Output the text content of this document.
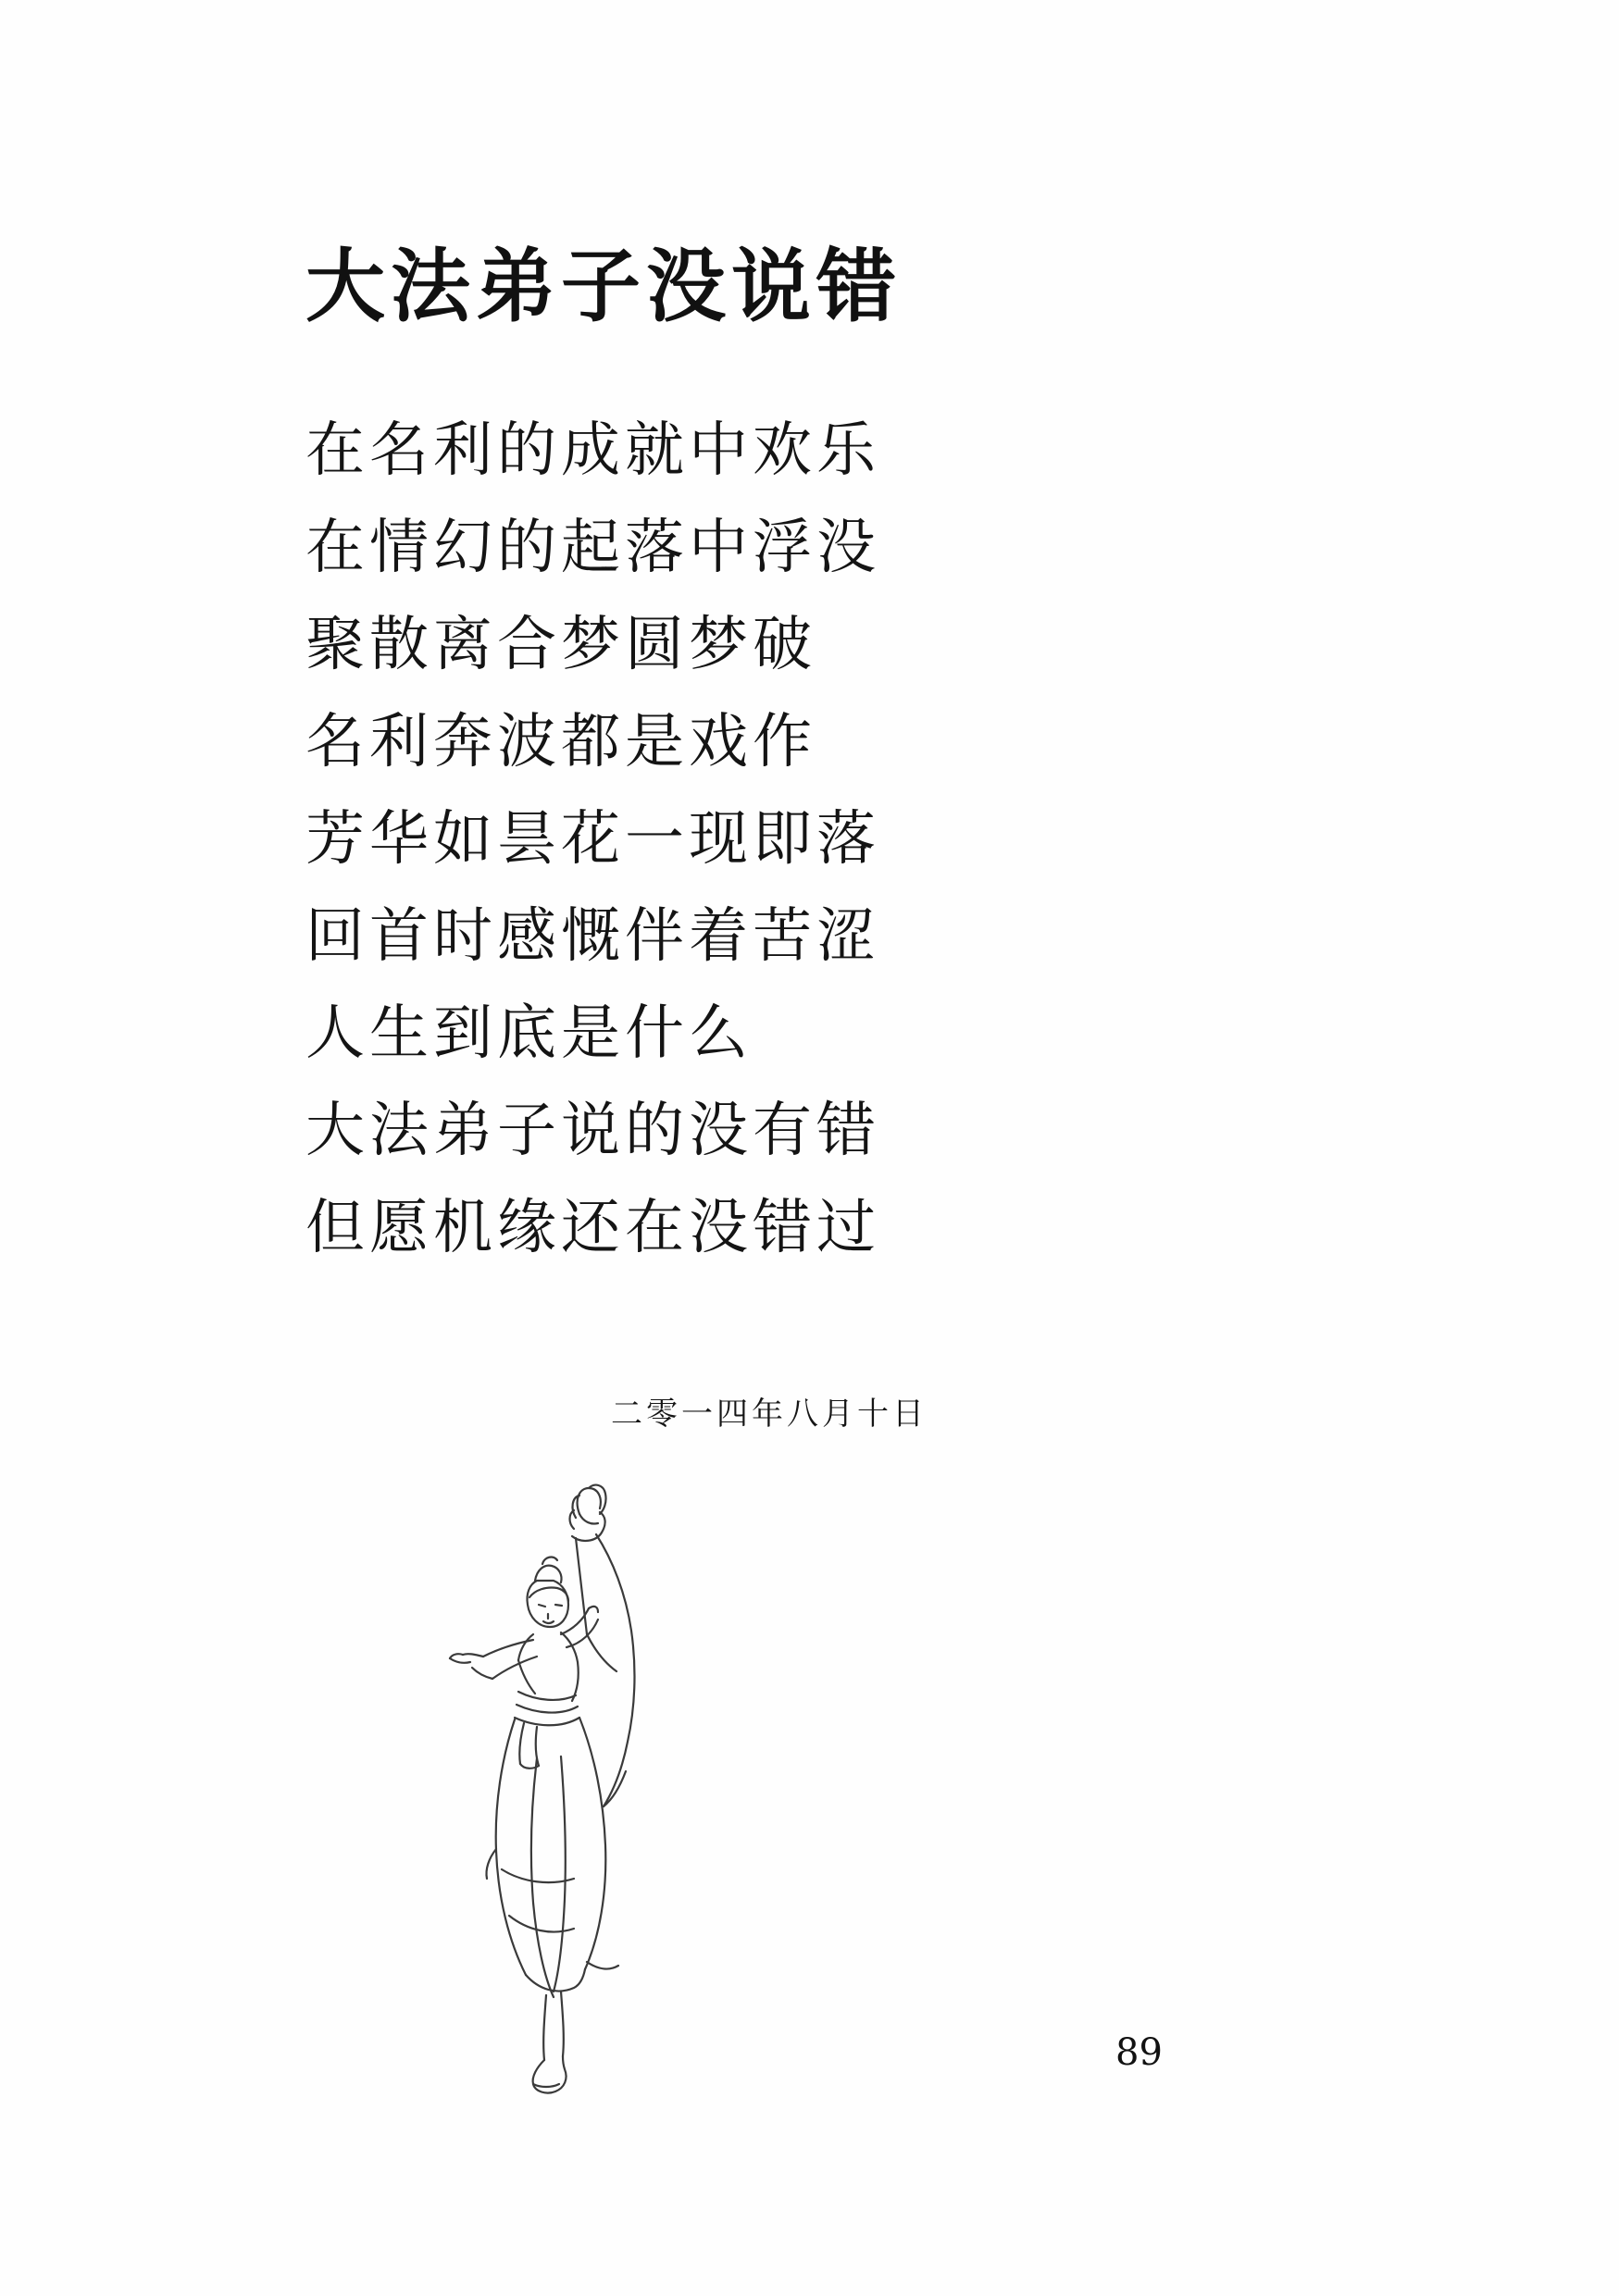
大法弟子没说错
在名利的成就中欢乐
在情幻的起落中浮没
聚散离合梦圆梦破
名利奔波都是戏作
芳华如昙花一现即落
回首时感慨伴着苦涩
人生到底是什么
大法弟子说的没有错
但愿机缘还在没错过
二零一四年八月十日
89
